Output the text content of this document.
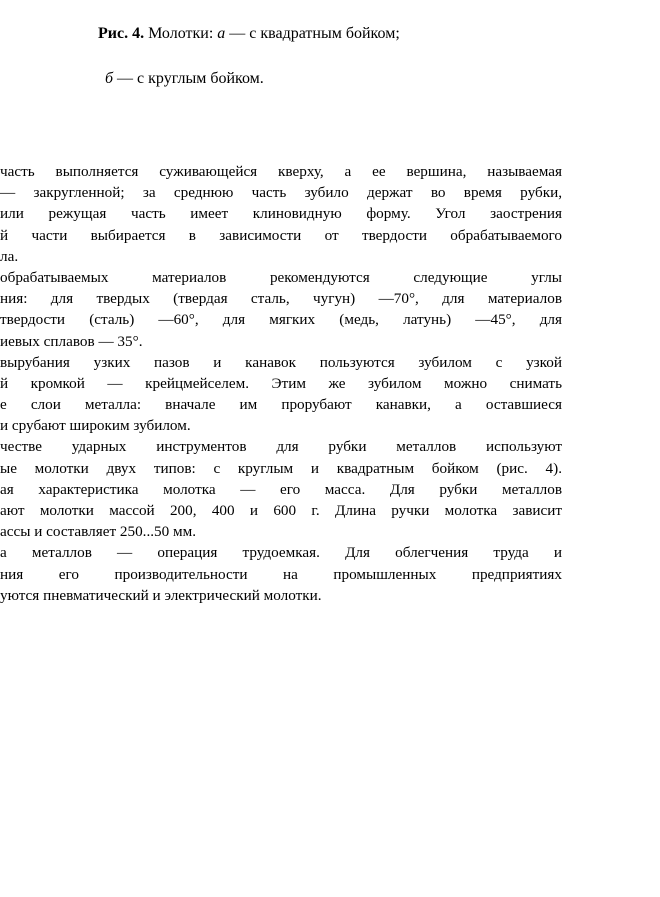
Рис. 4. Молотки: а — с квадратным бойком;
б — с круглым бойком.
часть выполняется суживающейся кверху, а ее вершина, называемая
— закругленной; за среднюю часть зубило держат во время рубки,
или режущая часть имеет клиновидную форму. Угол заострения
й части выбирается в зависимости от твердости обрабатываемого
ла.
обрабатываемых материалов рекомендуются следующие углы
ния: для твердых (твердая сталь, чугун) —70°, для материалов
твердости (сталь) —60°, для мягких (медь, латунь) —45°, для
иевых сплавов — 35°.
вырубания узких пазов и канавок пользуются зубилом с узкой
й кромкой — крейцмейселем. Этим же зубилом можно снимать
е слои металла: вначале им прорубают канавки, а оставшиеся
и срубают широким зубилом.
честве ударных инструментов для рубки металлов используют
ые молотки двух типов: с круглым и квадратным бойком (рис. 4).
ая характеристика молотка — его масса. Для рубки металлов
ают молотки массой 200, 400 и 600 г. Длина ручки молотка зависит
ассы и составляет 250...50 мм.
а металлов — операция трудоемкая. Для облегчения труда и
ния его производительности на промышленных предприятиях
уются пневматический и электрический молотки.
